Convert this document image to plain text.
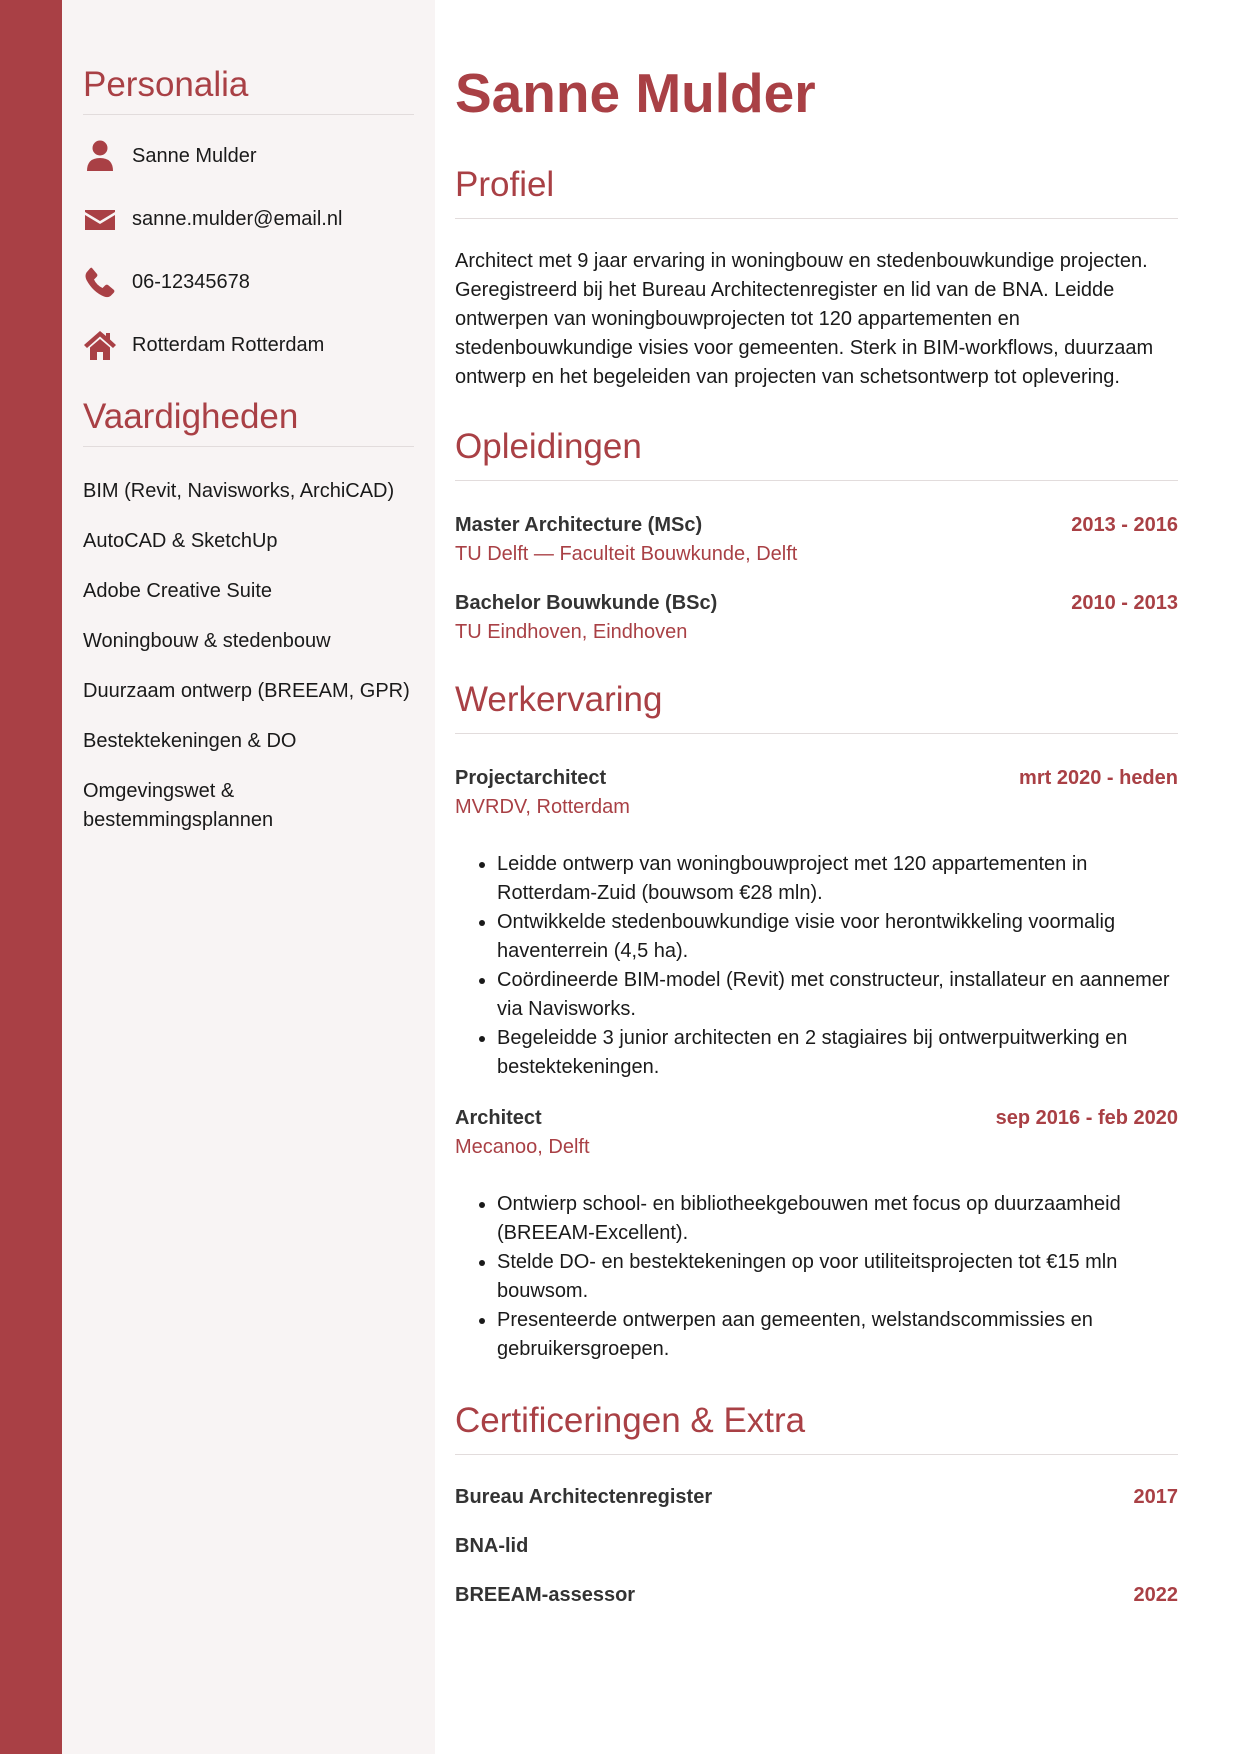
Personalia
Sanne Mulder
sanne.mulder@email.nl
06-12345678
Rotterdam Rotterdam
Vaardigheden
BIM (Revit, Navisworks, ArchiCAD)
AutoCAD & SketchUp
Adobe Creative Suite
Woningbouw & stedenbouw
Duurzaam ontwerp (BREEAM, GPR)
Bestektekeningen & DO
Omgevingswet & bestemmingsplannen
Sanne Mulder
Profiel

Architect met 9 jaar ervaring in woningbouw en stedenbouwkundige projecten. Geregistreerd bij het Bureau Architectenregister en lid van de BNA. Leidde ontwerpen van woningbouwprojecten tot 120 appartementen en stedenbouwkundige visies voor gemeenten. Sterk in BIM-workflows, duurzaam ontwerp en het begeleiden van projecten van schetsontwerp tot oplevering.

Opleidingen
Master Architecture (MSc)	2013 - 2016
TU Delft — Faculteit Bouwkunde, Delft
Bachelor Bouwkunde (BSc)	2010 - 2013
TU Eindhoven, Eindhoven
Werkervaring
Projectarchitect	mrt 2020 - heden
MVRDV, Rotterdam
• Leidde ontwerp van woningbouwproject met 120 appartementen in Rotterdam-Zuid (bouwsom €28 mln).
• Ontwikkelde stedenbouwkundige visie voor herontwikkeling voormalig haventerrein (4,5 ha).
• Coördineerde BIM-model (Revit) met constructeur, installateur en aannemer via Navisworks.
• Begeleidde 3 junior architecten en 2 stagiaires bij ontwerpuitwerking en bestektekeningen.
Architect	sep 2016 - feb 2020
Mecanoo, Delft
• Ontwierp school- en bibliotheekgebouwen met focus op duurzaamheid (BREEAM-Excellent).
• Stelde DO- en bestektekeningen op voor utiliteitsprojecten tot €15 mln bouwsom.
• Presenteerde ontwerpen aan gemeenten, welstandscommissies en gebruikersgroepen.
Certificeringen & Extra
Bureau Architectenregister	2017
BNA-lid
BREEAM-assessor	2022
